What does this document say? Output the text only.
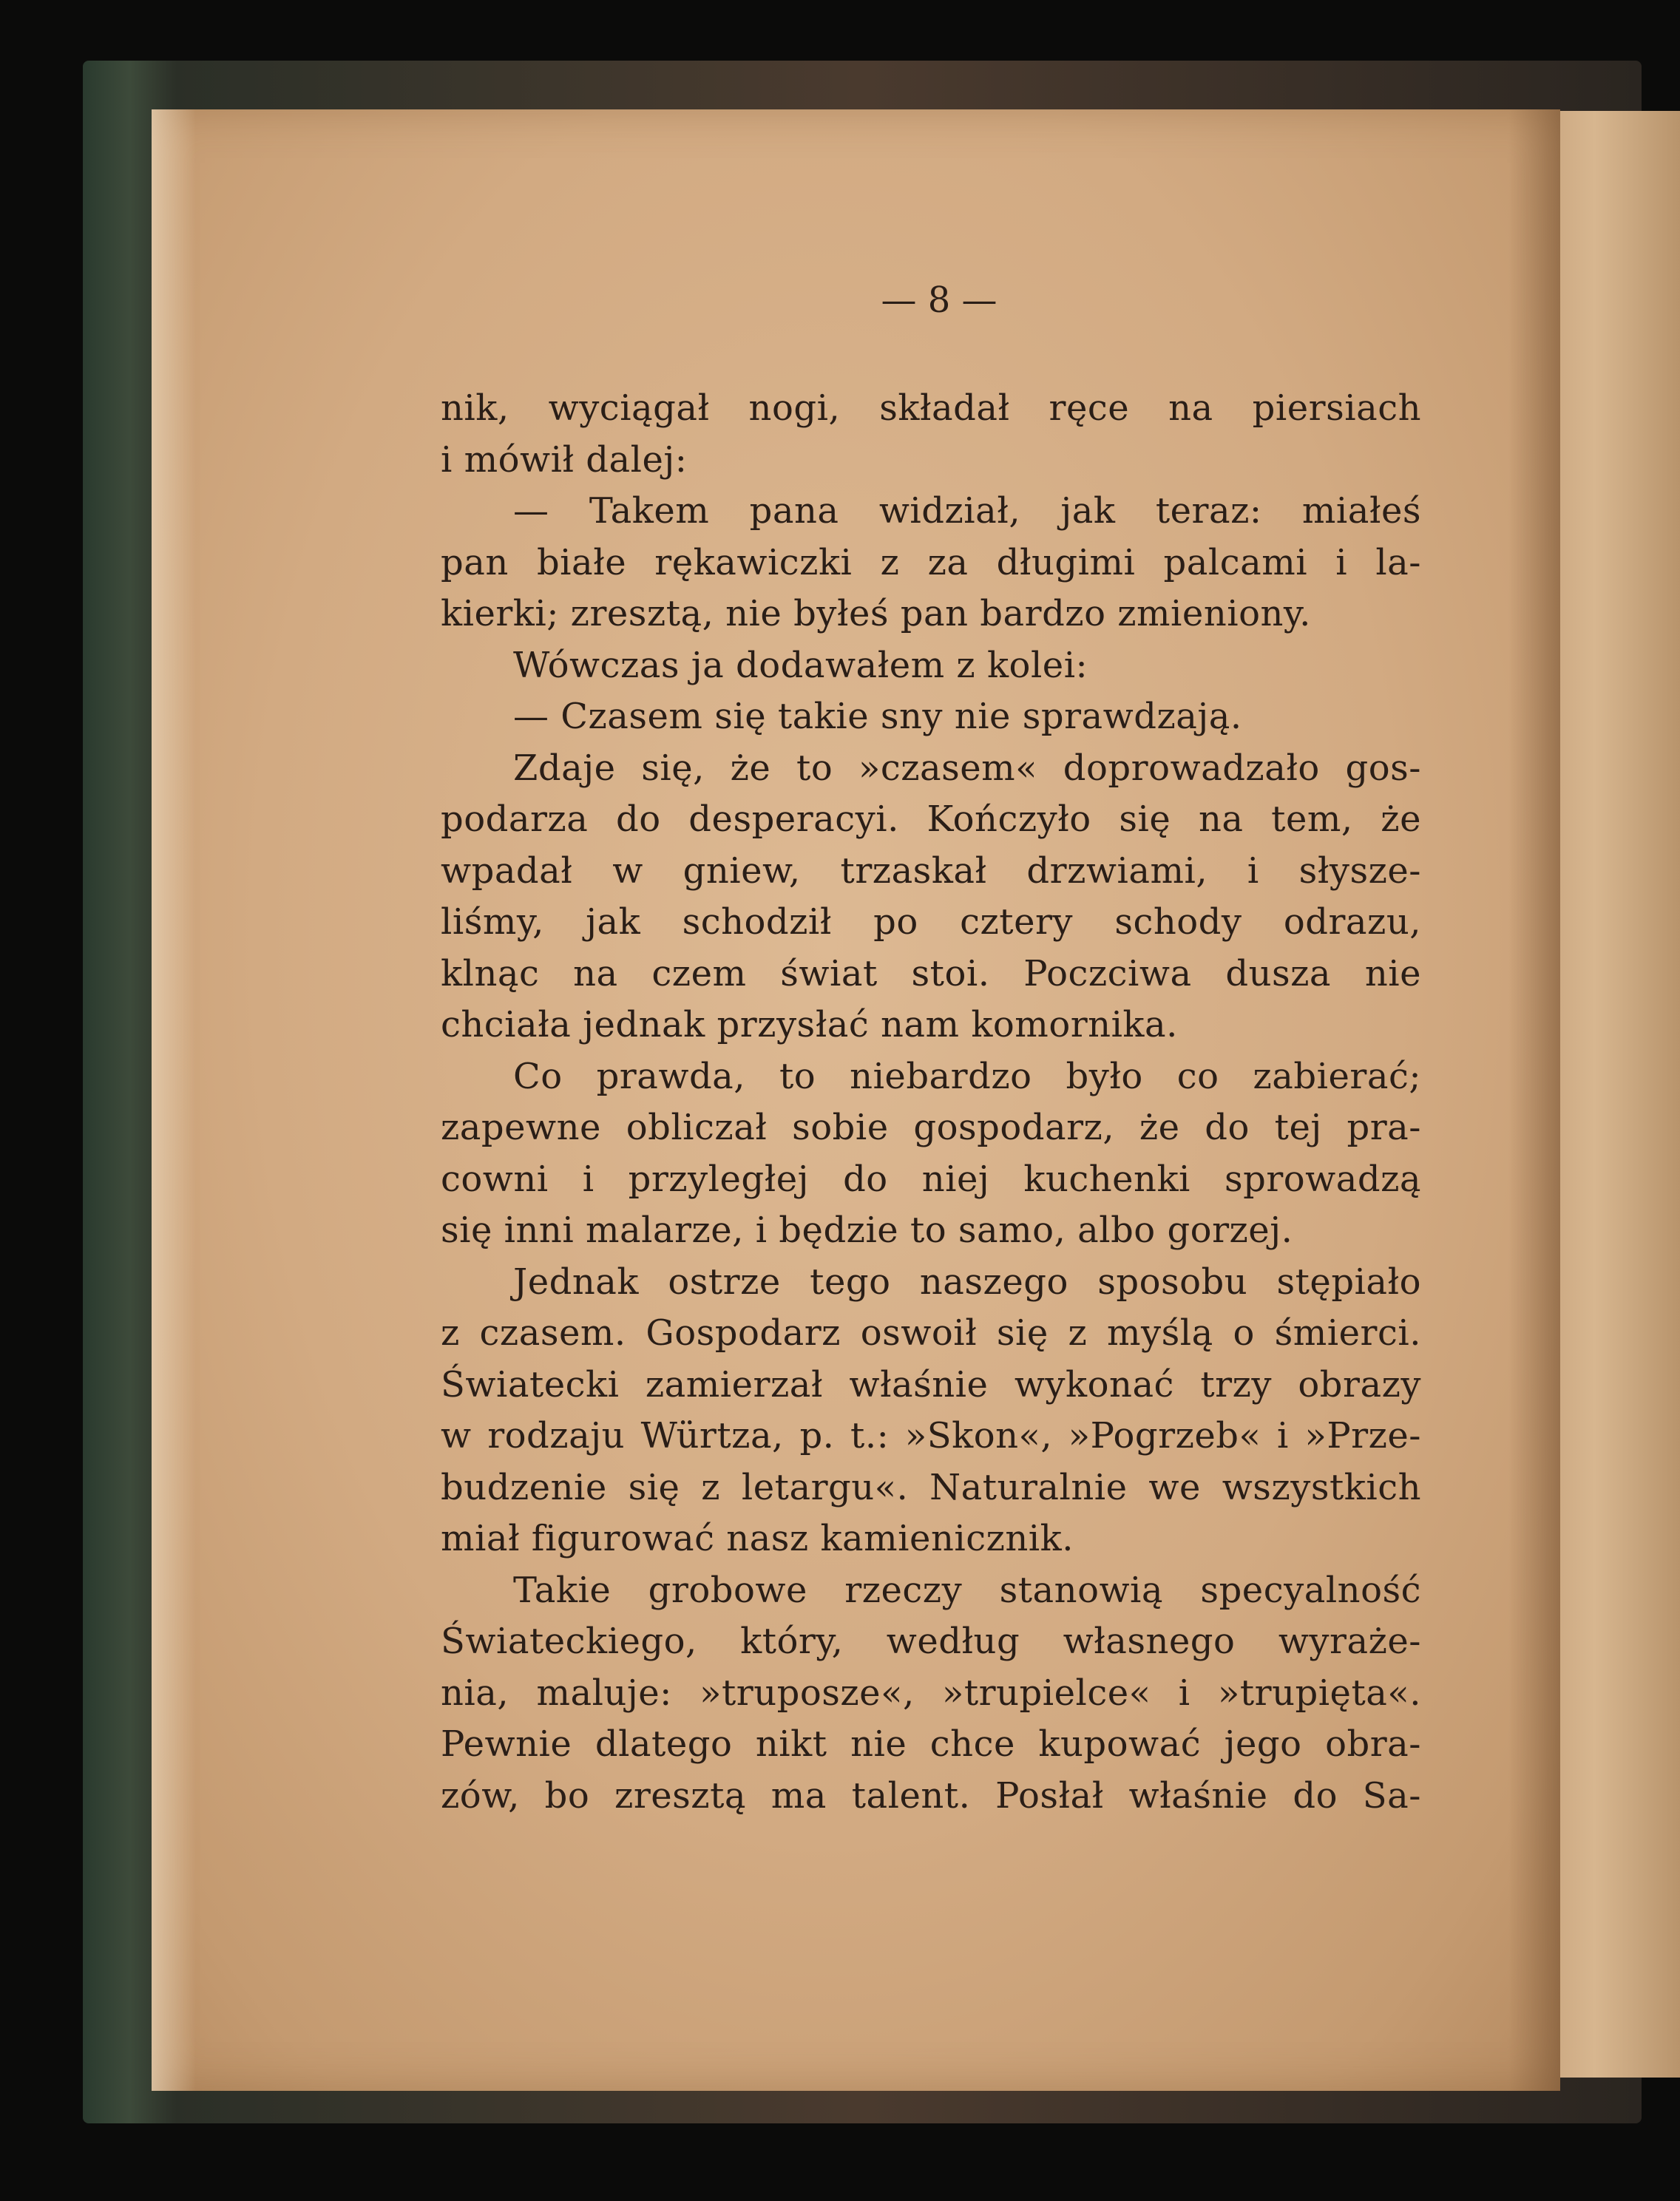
— 8 —
nik, wyciągał nogi, składał ręce na piersiach
i mówił dalej:
— Takem pana widział, jak teraz: miałeś
pan białe rękawiczki z za długimi palcami i la-
kierki; zresztą, nie byłeś pan bardzo zmieniony.
Wówczas ja dodawałem z kolei:
— Czasem się takie sny nie sprawdzają.
Zdaje się, że to »czasem« doprowadzało gos-
podarza do desperacyi. Kończyło się na tem, że
wpadał w gniew, trzaskał drzwiami, i słysze-
liśmy, jak schodził po cztery schody odrazu,
klnąc na czem świat stoi. Poczciwa dusza nie
chciała jednak przysłać nam komornika.
Co prawda, to niebardzo było co zabierać;
zapewne obliczał sobie gospodarz, że do tej pra-
cowni i przyległej do niej kuchenki sprowadzą
się inni malarze, i będzie to samo, albo gorzej.
Jednak ostrze tego naszego sposobu stępiało
z czasem. Gospodarz oswoił się z myślą o śmierci.
Światecki zamierzał właśnie wykonać trzy obrazy
w rodzaju Würtza, p. t.: »Skon«, »Pogrzeb« i »Prze-
budzenie się z letargu«. Naturalnie we wszystkich
miał figurować nasz kamienicznik.
Takie grobowe rzeczy stanowią specyalność
Świateckiego, który, według własnego wyraże-
nia, maluje: »truposze«, »trupielce« i »trupięta«.
Pewnie dlatego nikt nie chce kupować jego obra-
zów, bo zresztą ma talent. Posłał właśnie do Sa-
